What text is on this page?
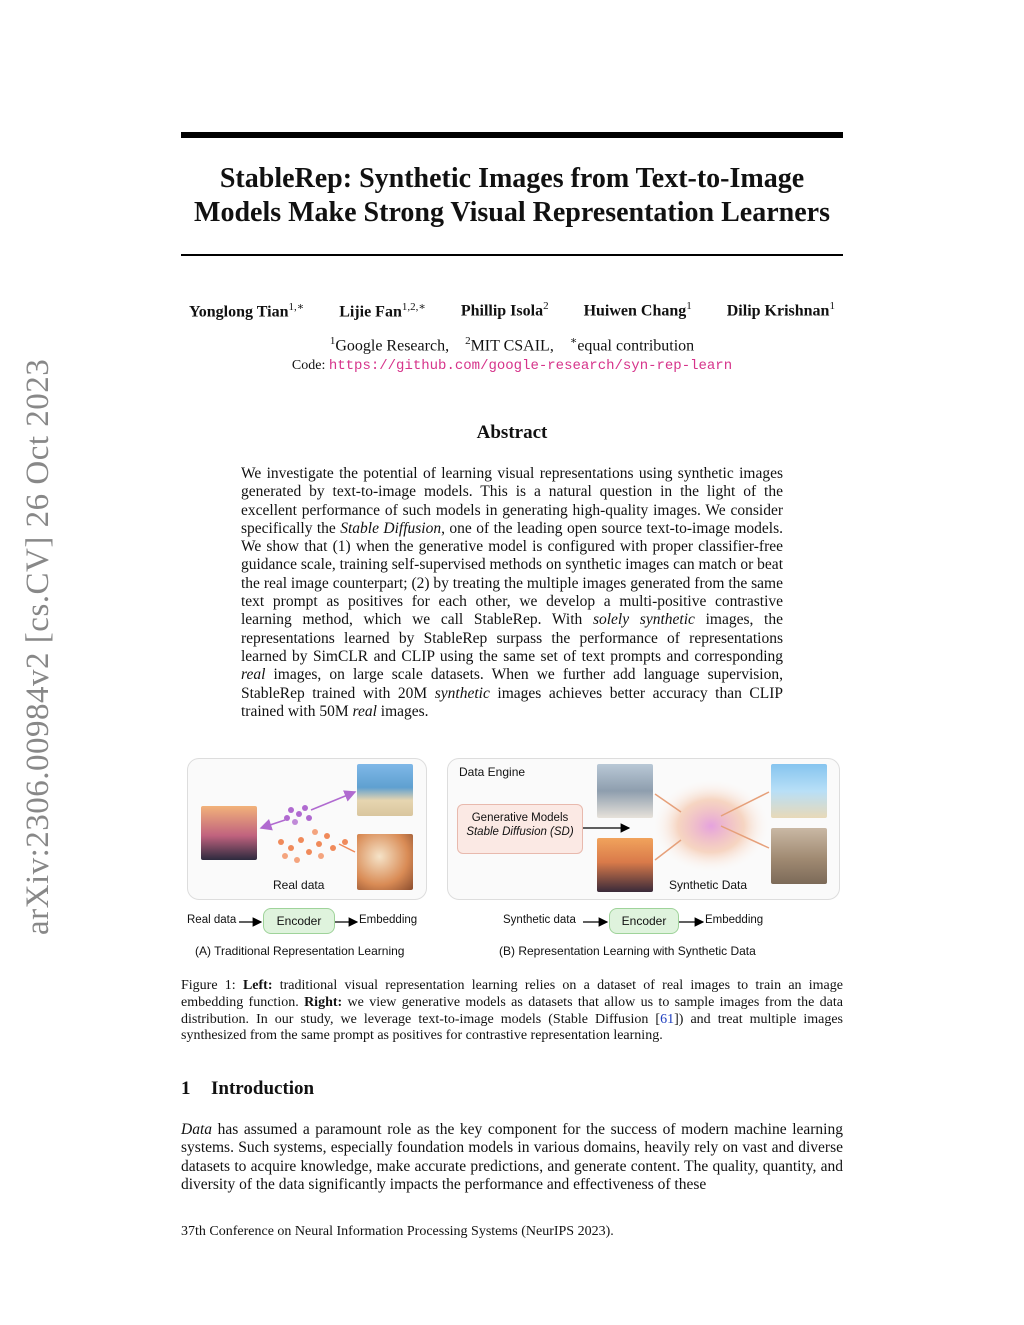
arXiv:2306.00984v2 [cs.CV] 26 Oct 2023
StableRep: Synthetic Images from Text-to-Image
Models Make Strong Visual Representation Learners
Yonglong Tian$^{1,∗}$ Lijie Fan$^{1,2,∗}$ Phillip Isola$^2$ Huiwen Chang$^1$ Dilip Krishnan$^1$
$^1$Google Research, $^2$MIT CSAIL, ∗equal contribution
Code: https://github.com/google-research/syn-rep-learn
Abstract
We investigate the potential of learning visual representations using synthetic images generated by text-to-image models. This is a natural question in the light of the excellent performance of such models in generating high-quality images. We consider specifically the Stable Diffusion, one of the leading open source text-to-image models. We show that (1) when the generative model is configured with proper classifier-free guidance scale, training self-supervised methods on synthetic images can match or beat the real image counterpart; (2) by treating the multiple images generated from the same text prompt as positives for each other, we develop a multi-positive contrastive learning method, which we call StableRep. With solely synthetic images, the representations learned by StableRep surpass the performance of representations learned by SimCLR and CLIP using the same set of text prompts and corresponding real images, on large scale datasets. When we further add language supervision, StableRep trained with 20M synthetic images achieves better accuracy than CLIP trained with 50M real images.
Real data
Data Engine
Generative Models
Stable Diffusion (SD)
Synthetic Data
Real data	Encoder	Embedding	Synthetic data	Encoder	Embedding
(A) Traditional Representation Learning	(B) Representation Learning with Synthetic Data
Figure 1: Left: traditional visual representation learning relies on a dataset of real images to train an image embedding function. Right: we view generative models as datasets that allow us to sample images from the data distribution. In our study, we leverage text-to-image models (Stable Diffusion [61]) and treat multiple images synthesized from the same prompt as positives for contrastive representation learning.
1 Introduction
Data has assumed a paramount role as the key component for the success of modern machine learning systems. Such systems, especially foundation models in various domains, heavily rely on vast and diverse datasets to acquire knowledge, make accurate predictions, and generate content. The quality, quantity, and diversity of the data significantly impacts the performance and effectiveness of these
37th Conference on Neural Information Processing Systems (NeurIPS 2023).
